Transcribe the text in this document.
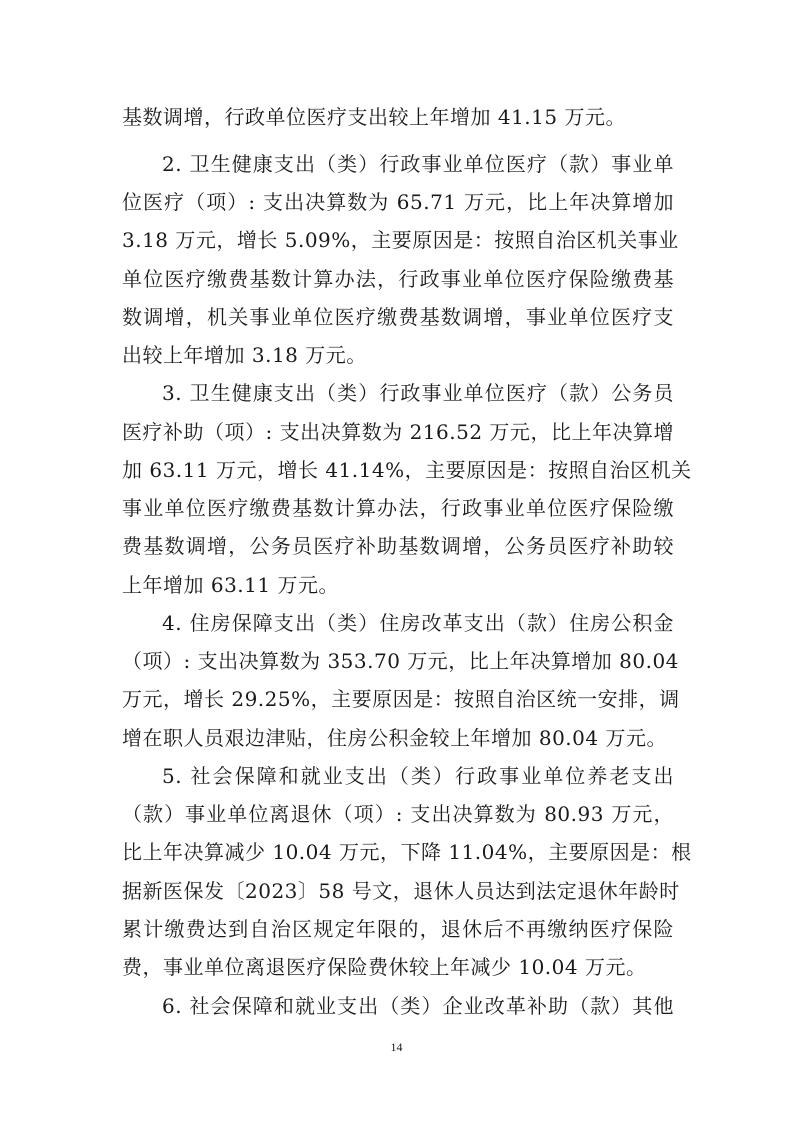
基数调增，行政单位医疗支出较上年增加 41.15 万元。
2. 卫生健康支出（类）行政事业单位医疗（款）事业单
位医疗（项）: 支出决算数为 65.71 万元，比上年决算增加
3.18 万元，增长 5.09%，主要原因是：按照自治区机关事业
单位医疗缴费基数计算办法，行政事业单位医疗保险缴费基
数调增，机关事业单位医疗缴费基数调增，事业单位医疗支
出较上年增加 3.18 万元。
3. 卫生健康支出（类）行政事业单位医疗（款）公务员
医疗补助（项）: 支出决算数为 216.52 万元，比上年决算增
加 63.11 万元，增长 41.14%，主要原因是：按照自治区机关
事业单位医疗缴费基数计算办法，行政事业单位医疗保险缴
费基数调增，公务员医疗补助基数调增，公务员医疗补助较
上年增加 63.11 万元。
4. 住房保障支出（类）住房改革支出（款）住房公积金
（项）: 支出决算数为 353.70 万元，比上年决算增加 80.04
万元，增长 29.25%，主要原因是：按照自治区统一安排，调
增在职人员艰边津贴，住房公积金较上年增加 80.04 万元。
5. 社会保障和就业支出（类）行政事业单位养老支出
（款）事业单位离退休（项）: 支出决算数为 80.93 万元，
比上年决算减少 10.04 万元，下降 11.04%，主要原因是：根
据新医保发〔2023〕58 号文，退休人员达到法定退休年龄时
累计缴费达到自治区规定年限的，退休后不再缴纳医疗保险
费，事业单位离退医疗保险费休较上年减少 10.04 万元。
6. 社会保障和就业支出（类）企业改革补助（款）其他
14
